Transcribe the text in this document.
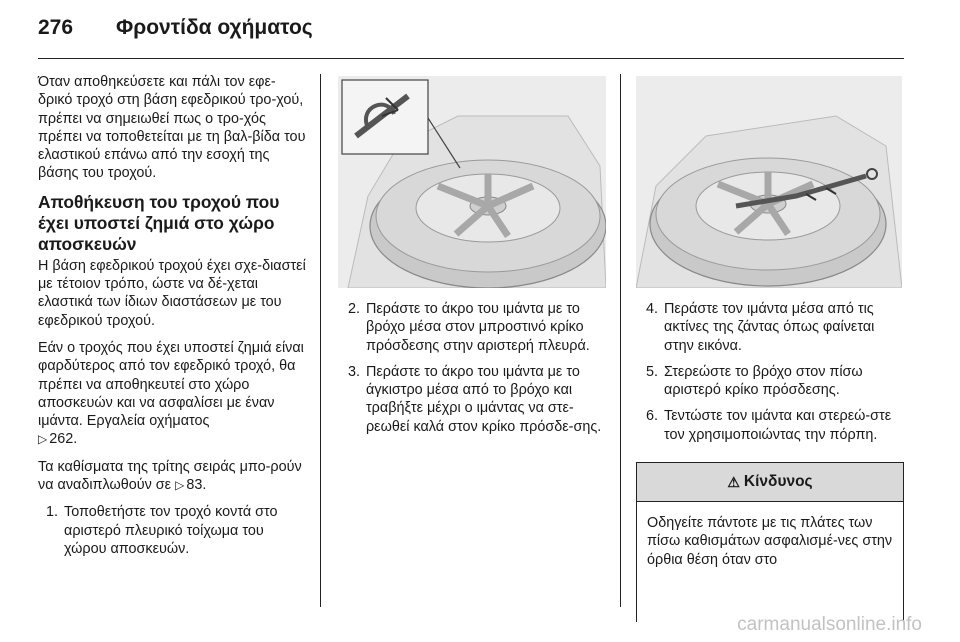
276 Φροντίδα οχήματος

Όταν αποθηκεύσετε και πάλι τον εφε-δρικό τροχό στη βάση εφεδρικού τρο-χού, πρέπει να σημειωθεί πως ο τρο-χός πρέπει να τοποθετείται με τη βαλ-βίδα του ελαστικού επάνω από την εσοχή της βάσης του τροχού.

Αποθήκευση του τροχού που έχει υποστεί ζημιά στο χώρο αποσκευών

Η βάση εφεδρικού τροχού έχει σχε-διαστεί με τέτοιον τρόπο, ώστε να δέ-χεται ελαστικά των ίδιων διαστάσεων με του εφεδρικού τροχού.

Εάν ο τροχός που έχει υποστεί ζημιά είναι φαρδύτερος από τον εφεδρικό τροχό, θα πρέπει να αποθηκευτεί στο χώρο αποσκευών και να ασφαλίσει με έναν ιμάντα. Εργαλεία οχήματος
▷ 262.

Τα καθίσματα της τρίτης σειράς μπο-ρούν να αναδιπλωθούν σε ▷ 83.

1. Τοποθετήστε τον τροχό κοντά στο αριστερό πλευρικό τοίχωμα του χώρου αποσκευών.
2. Περάστε το άκρο του ιμάντα με το βρόχο μέσα στον μπροστινό κρίκο πρόσδεσης στην αριστερή πλευρά.
3. Περάστε το άκρο του ιμάντα με το άγκιστρο μέσα από το βρόχο και τραβήξτε μέχρι ο ιμάντας να στε-ρεωθεί καλά στον κρίκο πρόσδε-σης.
4. Περάστε τον ιμάντα μέσα από τις ακτίνες της ζάντας όπως φαίνεται στην εικόνα.
5. Στερεώστε το βρόχο στον πίσω αριστερό κρίκο πρόσδεσης.
6. Τεντώστε τον ιμάντα και στερεώ-στε τον χρησιμοποιώντας την πόρπη.
⚠ Κίνδυνος
Οδηγείτε πάντοτε με τις πλάτες των πίσω καθισμάτων ασφαλισμέ-νες στην όρθια θέση όταν στο
carmanualsonline.info
